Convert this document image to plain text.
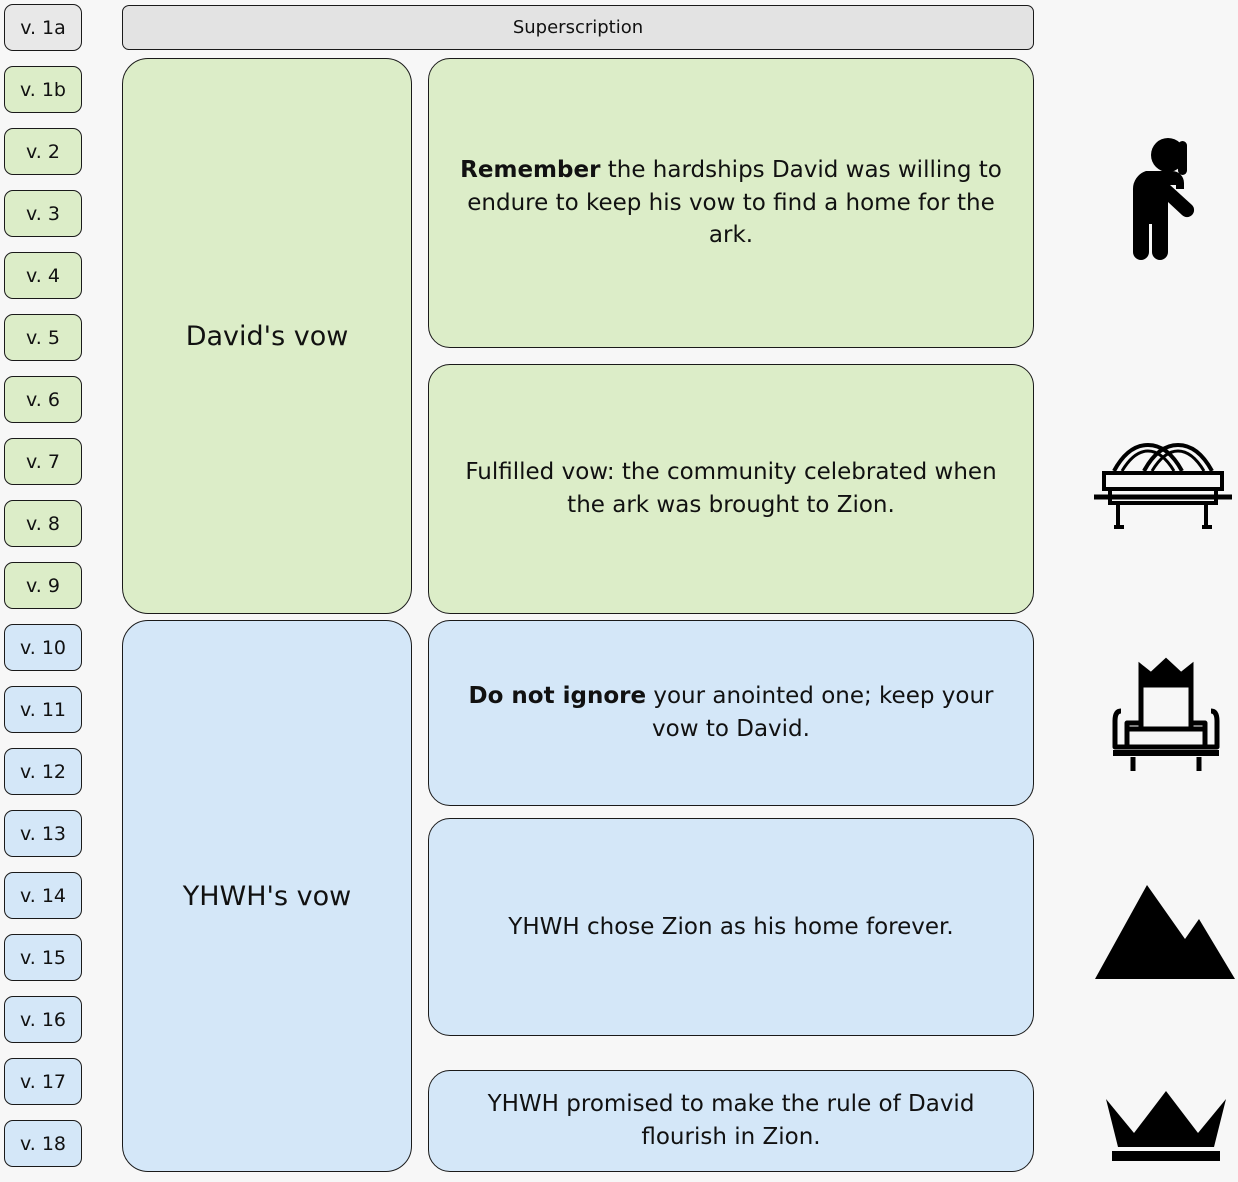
v. 1a
v. 1b
v. 2
v. 3
v. 4
v. 5
v. 6
v. 7
v. 8
v. 9
v. 10
v. 11
v. 12
v. 13
v. 14
v. 15
v. 16
v. 17
v. 18
Superscription
David's vow
YHWH's vow

Remember the hardships David was willing to endure to keep his vow to find a home for the ark.

Fulfilled vow: the community celebrated when the ark was brought to Zion.

Do not ignore your anointed one; keep your vow to David.

YHWH chose Zion as his home forever.

YHWH promised to make the rule of David flourish in Zion.
